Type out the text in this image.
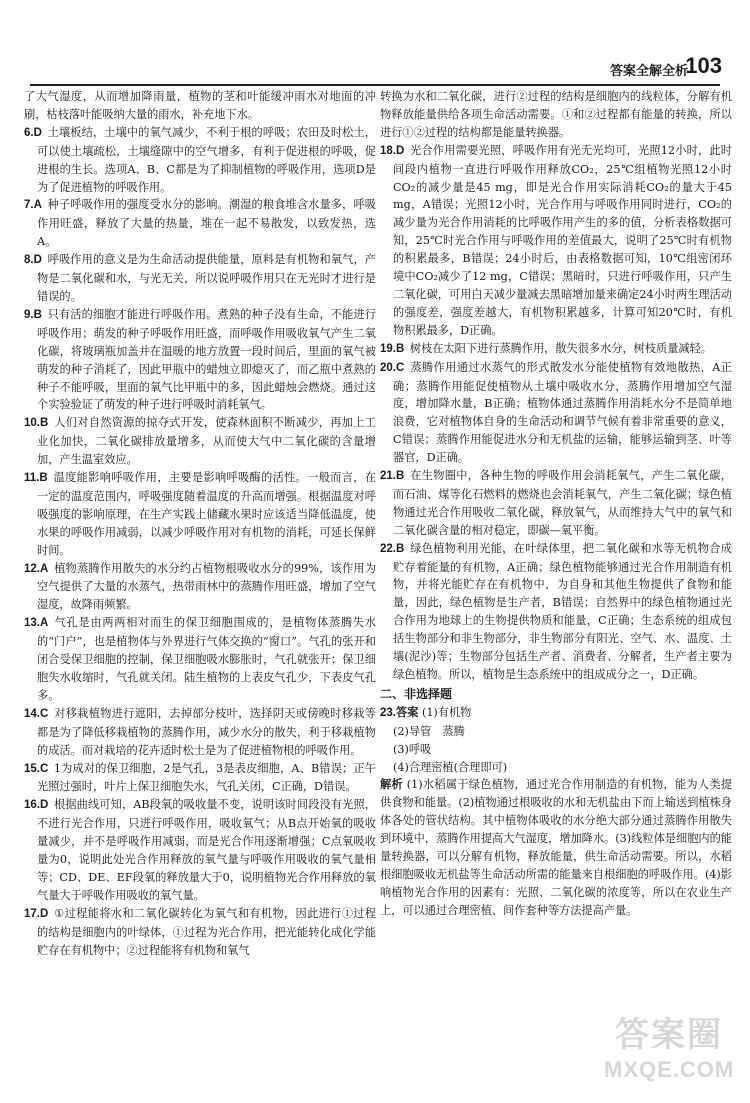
答案全解全析
103

了大气湿度，从而增加降雨量，植物的茎和叶能缓冲雨水对地面的冲刷，枯枝落叶能吸纳大量的雨水，补充地下水。

6.D  土壤板结，土壤中的氧气减少，不利于根的呼吸；农田及时松土，可以使土壤疏松，土壤缝隙中的空气增多，有利于促进根的呼吸，促进根的生长。选项A、B、C都是为了抑制植物的呼吸作用，选项D是为了促进植物的呼吸作用。

7.A  种子呼吸作用的强度受水分的影响。潮湿的粮食堆含水量多，呼吸作用旺盛，释放了大量的热量，堆在一起不易散发，以致发热，选A。

8.D  呼吸作用的意义是为生命活动提供能量，原料是有机物和氧气，产物是二氧化碳和水，与光无关，所以说呼吸作用只在无光时才进行是错误的。

9.B  只有活的细胞才能进行呼吸作用。煮熟的种子没有生命，不能进行呼吸作用；萌发的种子呼吸作用旺盛，而呼吸作用吸收氧气产生二氧化碳，将玻璃瓶加盖并在温暖的地方放置一段时间后，里面的氧气被萌发的种子消耗了，因此甲瓶中的蜡烛立即熄灭了，而乙瓶中煮熟的种子不能呼吸，里面的氧气比甲瓶中的多，因此蜡烛会燃烧。通过这个实验验证了萌发的种子进行呼吸时消耗氧气。

10.B  人们对自然资源的掠夺式开发，使森林面积不断减少，再加上工业化加快，二氧化碳排放量增多，从而使大气中二氧化碳的含量增加，产生温室效应。

11.B  温度能影响呼吸作用，主要是影响呼吸酶的活性。一般而言，在一定的温度范围内，呼吸强度随着温度的升高而增强。根据温度对呼吸强度的影响原理，在生产实践上储藏水果时应该适当降低温度，使水果的呼吸作用减弱，以减少呼吸作用对有机物的消耗，可延长保鲜时间。

12.A  植物蒸腾作用散失的水分约占植物根吸收水分的99%，该作用为空气提供了大量的水蒸气，热带雨林中的蒸腾作用旺盛，增加了空气湿度，故降雨频繁。

13.A  气孔是由两两相对而生的保卫细胞围成的，是植物体蒸腾失水的“门户”，也是植物体与外界进行气体交换的“窗口”。气孔的张开和闭合受保卫细胞的控制，保卫细胞吸水膨胀时，气孔就张开；保卫细胞失水收缩时，气孔就关闭。陆生植物的上表皮气孔少，下表皮气孔多。

14.C  对移栽植物进行遮阳，去掉部分枝叶，选择阴天或傍晚时移栽等都是为了降低移栽植物的蒸腾作用，减少水分的散失，利于移栽植物的成活。而对栽培的花卉适时松土是为了促进植物根的呼吸作用。

15.C  1为成对的保卫细胞，2是气孔，3是表皮细胞，A、B错误；正午光照过强时，叶片上保卫细胞失水，气孔关闭，C正确，D错误。

16.D  根据曲线可知，AB段氧的吸收量不变，说明该时间段没有光照，不进行光合作用，只进行呼吸作用，吸收氧气；从B点开始氧的吸收量减少，并不是呼吸作用减弱，而是光合作用逐渐增强；C点氧吸收量为0，说明此处光合作用释放的氧气量与呼吸作用吸收的氧气量相等；CD、DE、EF段氧的释放量大于0，说明植物光合作用释放的氧气量大于呼吸作用吸收的氧气量。

17.D  ①过程能将水和二氧化碳转化为氧气和有机物，因此进行①过程的结构是细胞内的叶绿体，①过程为光合作用，把光能转化成化学能贮存在有机物中；②过程能将有机物和氧气

转换为水和二氧化碳，进行②过程的结构是细胞内的线粒体，分解有机物释放能量供给各项生命活动需要。①和②过程都有能量的转换，所以进行①②过程的结构都是能量转换器。

18.D  光合作用需要光照，呼吸作用有光无光均可，光照12小时，此时间段内植物一直进行呼吸作用释放CO₂，25℃组植物光照12小时CO₂的减少量是45 mg，即是光合作用实际消耗CO₂的量大于45 mg，A错误；光照12小时，光合作用与呼吸作用同时进行，CO₂的减少量为光合作用消耗的比呼吸作用产生的多的值，分析表格数据可知，25℃时光合作用与呼吸作用的差值最大，说明了25℃时有机物的积累最多，B错误；24小时后，由表格数据可知，10℃组密闭环境中CO₂减少了12 mg，C错误；黑暗时，只进行呼吸作用，只产生二氧化碳，可用白天减少量减去黑暗增加量来确定24小时两生理活动的强度差，强度差越大，有机物积累越多，计算可知20℃时，有机物积累最多，D正确。

19.B  树枝在太阳下进行蒸腾作用，散失很多水分，树枝质量减轻。

20.C  蒸腾作用通过水蒸气的形式散发水分能使植物有效地散热，A正确；蒸腾作用能促使植物从土壤中吸收水分，蒸腾作用增加空气湿度，增加降水量，B正确；植物体通过蒸腾作用消耗水分不是简单地浪费，它对植物体自身的生命活动和调节气候有着非常重要的意义，C错误；蒸腾作用能促进水分和无机盐的运输，能够运输到茎、叶等器官，D正确。

21.B  在生物圈中，各种生物的呼吸作用会消耗氧气，产生二氧化碳，而石油、煤等化石燃料的燃烧也会消耗氧气，产生二氧化碳；绿色植物通过光合作用吸收二氧化碳，释放氧气，从而维持大气中的氧气和二氧化碳含量的相对稳定，即碳—氧平衡。

22.B  绿色植物利用光能，在叶绿体里，把二氧化碳和水等无机物合成贮存着能量的有机物，A正确；绿色植物能够通过光合作用制造有机物，并将光能贮存在有机物中，为自身和其他生物提供了食物和能量，因此，绿色植物是生产者，B错误；自然界中的绿色植物通过光合作用为地球上的生物提供物质和能量，C正确；生态系统的组成包括生物部分和非生物部分，非生物部分有阳光、空气、水、温度、土壤(泥沙)等；生物部分包括生产者、消费者、分解者，生产者主要为绿色植物。所以，植物是生态系统中的组成成分之一，D正确。

二、非选择题
23.答案 (1)有机物
(2)导管　蒸腾
(3)呼吸
(4)合理密植(合理即可)

解析 (1)水稻属于绿色植物，通过光合作用制造的有机物，能为人类提供食物和能量。(2)植物通过根吸收的水和无机盐由下而上输送到植株身体各处的管状结构。其中植物体吸收的水分绝大部分通过蒸腾作用散失到环境中，蒸腾作用提高大气湿度，增加降水。(3)线粒体是细胞内的能量转换器，可以分解有机物，释放能量，供生命活动需要。所以，水稻根细胞吸收无机盐等生命活动所需的能量来自根细胞的呼吸作用。(4)影响植物光合作用的因素有：光照、二氧化碳的浓度等，所以在农业生产上，可以通过合理密植、间作套种等方法提高产量。

答案圈
MXQE.COM
